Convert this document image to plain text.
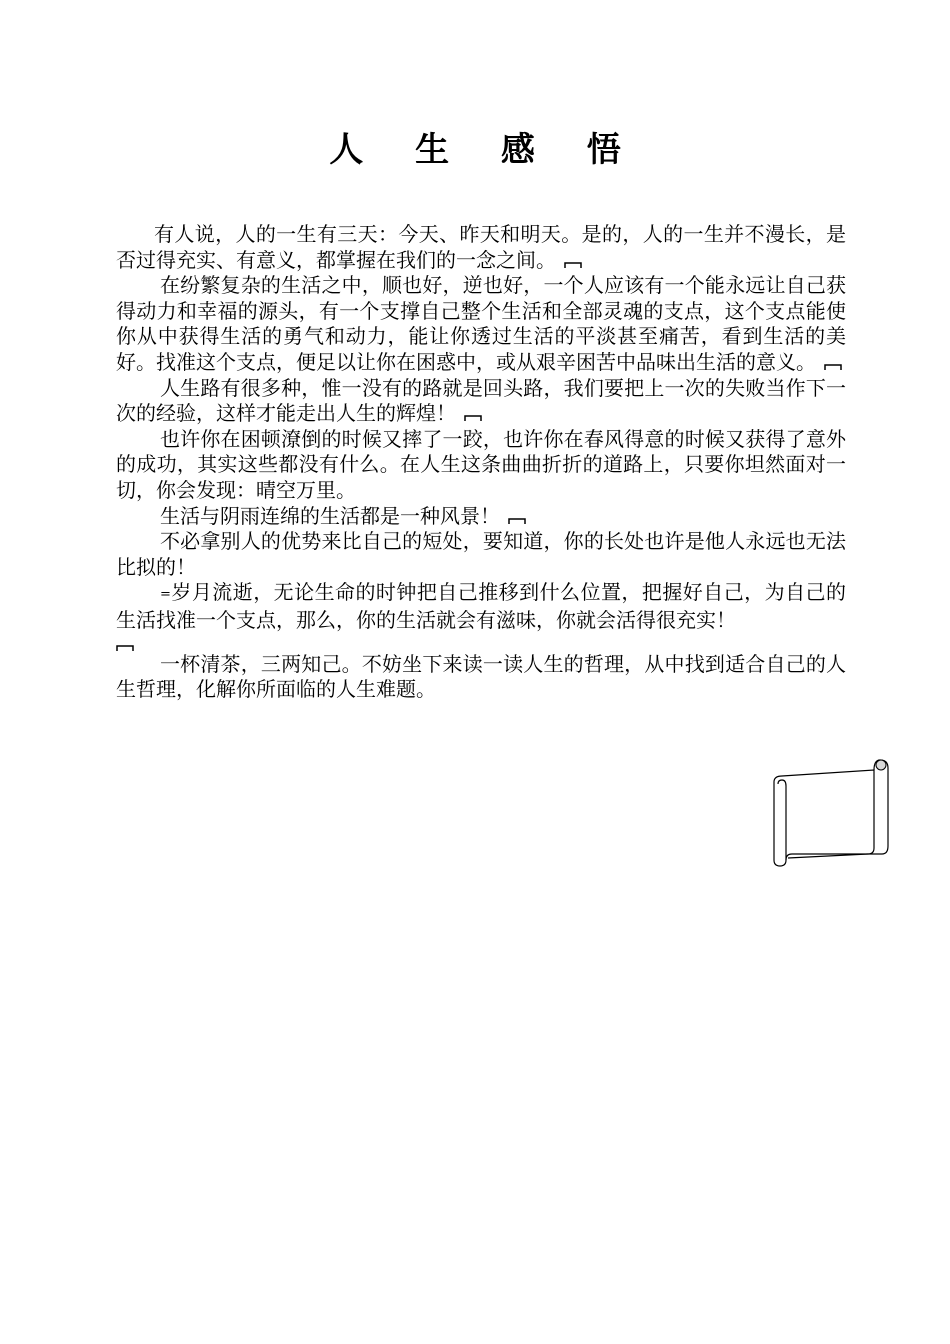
人 生 感 悟

有人说，人的一生有三天：今天、昨天和明天。是的，人的一生并不漫长，是否过得充实、有意义，都掌握在我们的一念之间。

在纷繁复杂的生活之中，顺也好，逆也好，一个人应该有一个能永远让自己获得动力和幸福的源头，有一个支撑自己整个生活和全部灵魂的支点，这个支点能使你从中获得生活的勇气和动力，能让你透过生活的平淡甚至痛苦，看到生活的美好。找准这个支点，便足以让你在困惑中，或从艰辛困苦中品味出生活的意义。

人生路有很多种，惟一没有的路就是回头路，我们要把上一次的失败当作下一次的经验，这样才能走出人生的辉煌！

也许你在困顿潦倒的时候又摔了一跤，也许你在春风得意的时候又获得了意外的成功，其实这些都没有什么。在人生这条曲曲折折的道路上，只要你坦然面对一切，你会发现：晴空万里。

生活与阴雨连绵的生活都是一种风景！

不必拿别人的优势来比自己的短处，要知道，你的长处也许是他人永远也无法比拟的！

=岁月流逝，无论生命的时钟把自己推移到什么位置，把握好自己，为自己的生活找准一个支点，那么，你的生活就会有滋味，你就会活得很充实！

一杯清茶，三两知己。不妨坐下来读一读人生的哲理，从中找到适合自己的人生哲理，化解你所面临的人生难题。
